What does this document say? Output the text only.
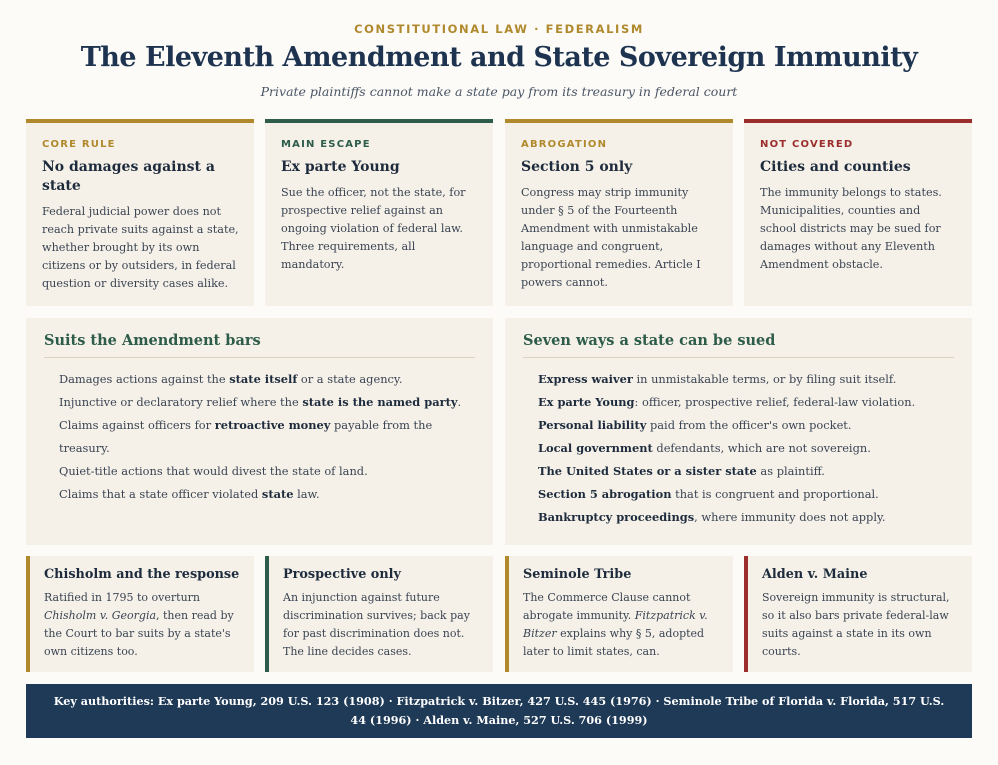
CONSTITUTIONAL LAW · FEDERALISM
The Eleventh Amendment and State Sovereign Immunity
Private plaintiffs cannot make a state pay from its treasury in federal court
CORE RULE
No damages against a state

Federal judicial power does not reach private suits against a state, whether brought by its own citizens or by outsiders, in federal question or diversity cases alike.

MAIN ESCAPE
Ex parte Young

Sue the officer, not the state, for prospective relief against an ongoing violation of federal law. Three requirements, all mandatory.

ABROGATION
Section 5 only

Congress may strip immunity under § 5 of the Fourteenth Amendment with unmistakable language and congruent, proportional remedies. Article I powers cannot.

NOT COVERED
Cities and counties

The immunity belongs to states. Municipalities, counties and school districts may be sued for damages without any Eleventh Amendment obstacle.

Suits the Amendment bars
Damages actions against the state itself or a state agency.
Injunctive or declaratory relief where the state is the named party.
Claims against officers for retroactive money payable from the treasury.
Quiet-title actions that would divest the state of land.
Claims that a state officer violated state law.
Seven ways a state can be sued
Express waiver in unmistakable terms, or by filing suit itself.
Ex parte Young: officer, prospective relief, federal-law violation.
Personal liability paid from the officer's own pocket.
Local government defendants, which are not sovereign.
The United States or a sister state as plaintiff.
Section 5 abrogation that is congruent and proportional.
Bankruptcy proceedings, where immunity does not apply.
Chisholm and the response

Ratified in 1795 to overturn Chisholm v. Georgia, then read by the Court to bar suits by a state's own citizens too.

Prospective only

An injunction against future discrimination survives; back pay for past discrimination does not. The line decides cases.

Seminole Tribe

The Commerce Clause cannot abrogate immunity. Fitzpatrick v. Bitzer explains why § 5, adopted later to limit states, can.

Alden v. Maine

Sovereign immunity is structural, so it also bars private federal-law suits against a state in its own courts.

Key authorities: Ex parte Young, 209 U.S. 123 (1908) · Fitzpatrick v. Bitzer, 427 U.S. 445 (1976) · Seminole Tribe of Florida v. Florida, 517 U.S. 44 (1996) · Alden v. Maine, 527 U.S. 706 (1999)
